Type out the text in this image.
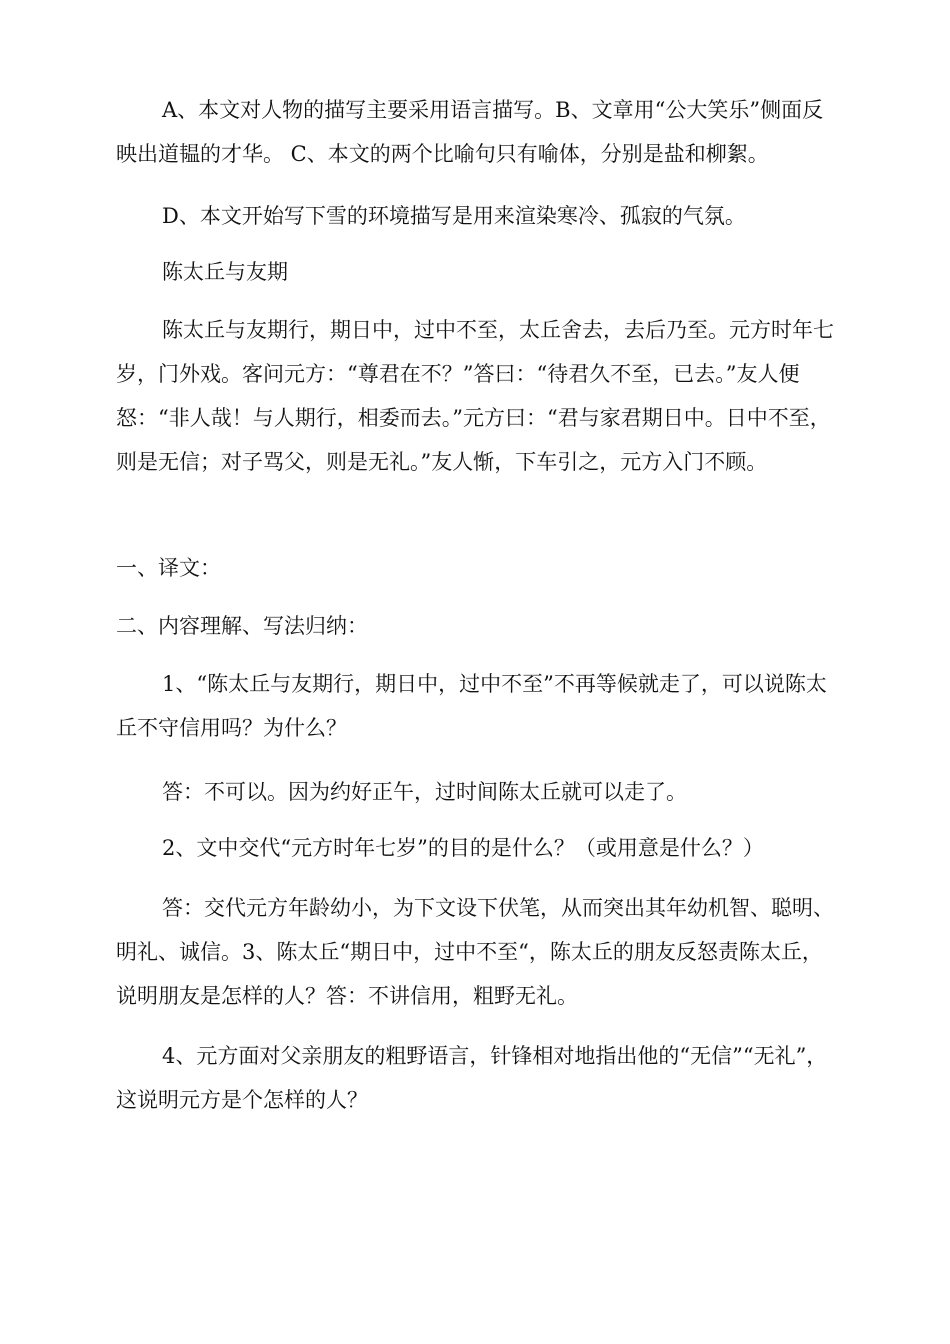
A、本文对人物的描写主要采用语言描写。B、文章用“公大笑乐”侧面反映出道韫的才华。 C、本文的两个比喻句只有喻体，分别是盐和柳絮。

D、本文开始写下雪的环境描写是用来渲染寒冷、孤寂的气氛。

陈太丘与友期

陈太丘与友期行，期日中，过中不至，太丘舍去，去后乃至。元方时年七岁，门外戏。客问元方：“尊君在不？”答曰：“待君久不至，已去。”友人便怒：“非人哉！与人期行，相委而去。”元方曰：“君与家君期日中。日中不至，则是无信；对子骂父，则是无礼。”友人惭，下车引之，元方入门不顾。

一、译文：

二、内容理解、写法归纳：

1、“陈太丘与友期行，期日中，过中不至”不再等候就走了，可以说陈太丘不守信用吗？为什么？

答：不可以。因为约好正午，过时间陈太丘就可以走了。

2、文中交代“元方时年七岁”的目的是什么？（或用意是什么？）

答：交代元方年龄幼小，为下文设下伏笔，从而突出其年幼机智、聪明、明礼、诚信。3、陈太丘“期日中，过中不至“，陈太丘的朋友反怒责陈太丘，说明朋友是怎样的人？答：不讲信用，粗野无礼。

4、元方面对父亲朋友的粗野语言，针锋相对地指出他的“无信”“无礼”，这说明元方是个怎样的人？
